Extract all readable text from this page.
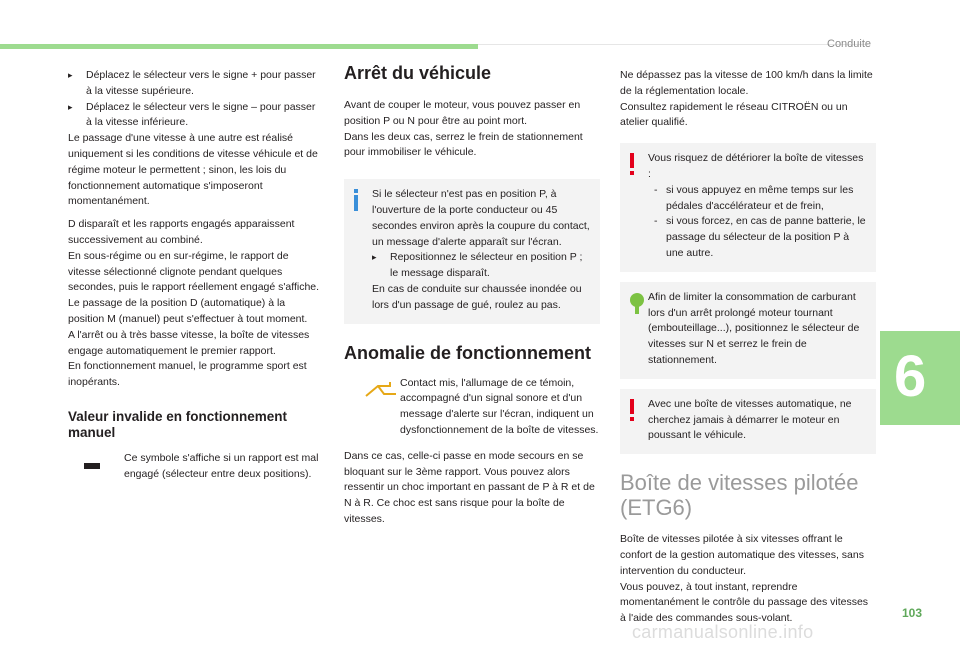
Conduite
6
103
carmanualsonline.info

▸ Déplacez le sélecteur vers le signe + pour passer à la vitesse supérieure.

▸ Déplacez le sélecteur vers le signe – pour passer à la vitesse inférieure.

Le passage d'une vitesse à une autre est réalisé uniquement si les conditions de vitesse véhicule et de régime moteur le permettent ; sinon, les lois du fonctionnement automatique s'imposeront momentanément.

D disparaît et les rapports engagés apparaissent successivement au combiné.

En sous-régime ou en sur-régime, le rapport de vitesse sélectionné clignote pendant quelques secondes, puis le rapport réellement engagé s'affiche.

Le passage de la position D (automatique) à la position M (manuel) peut s'effectuer à tout moment.

A l'arrêt ou à très basse vitesse, la boîte de vitesses engage automatiquement le premier rapport.

En fonctionnement manuel, le programme sport est inopérants.

Valeur invalide en fonctionnement manuel

Ce symbole s'affiche si un rapport est mal engagé (sélecteur entre deux positions).

Arrêt du véhicule

Avant de couper le moteur, vous pouvez passer en position P ou N pour être au point mort.

Dans les deux cas, serrez le frein de stationnement pour immobiliser le véhicule.

Si le sélecteur n'est pas en position P, à l'ouverture de la porte conducteur ou 45 secondes environ après la coupure du contact, un message d'alerte apparaît sur l'écran.

▸ Repositionnez le sélecteur en position P ; le message disparaît.

En cas de conduite sur chaussée inondée ou lors d'un passage de gué, roulez au pas.

Anomalie de fonctionnement

Contact mis, l'allumage de ce témoin, accompagné d'un signal sonore et d'un message d'alerte sur l'écran, indiquent un dysfonctionnement de la boîte de vitesses.

Dans ce cas, celle-ci passe en mode secours en se bloquant sur le 3ème rapport. Vous pouvez alors ressentir un choc important en passant de P à R et de N à R. Ce choc est sans risque pour la boîte de vitesses.

Ne dépassez pas la vitesse de 100 km/h dans la limite de la réglementation locale.

Consultez rapidement le réseau CITROËN ou un atelier qualifié.

Vous risquez de détériorer la boîte de vitesses :

- si vous appuyez en même temps sur les pédales d'accélérateur et de frein,

- si vous forcez, en cas de panne batterie, le passage du sélecteur de la position P à une autre.

Afin de limiter la consommation de carburant lors d'un arrêt prolongé moteur tournant (embouteillage...), positionnez le sélecteur de vitesses sur N et serrez le frein de stationnement.

Avec une boîte de vitesses automatique, ne cherchez jamais à démarrer le moteur en poussant le véhicule.

Boîte de vitesses pilotée (ETG6)

Boîte de vitesses pilotée à six vitesses offrant le confort de la gestion automatique des vitesses, sans intervention du conducteur.

Vous pouvez, à tout instant, reprendre momentanément le contrôle du passage des vitesses à l'aide des commandes sous-volant.
